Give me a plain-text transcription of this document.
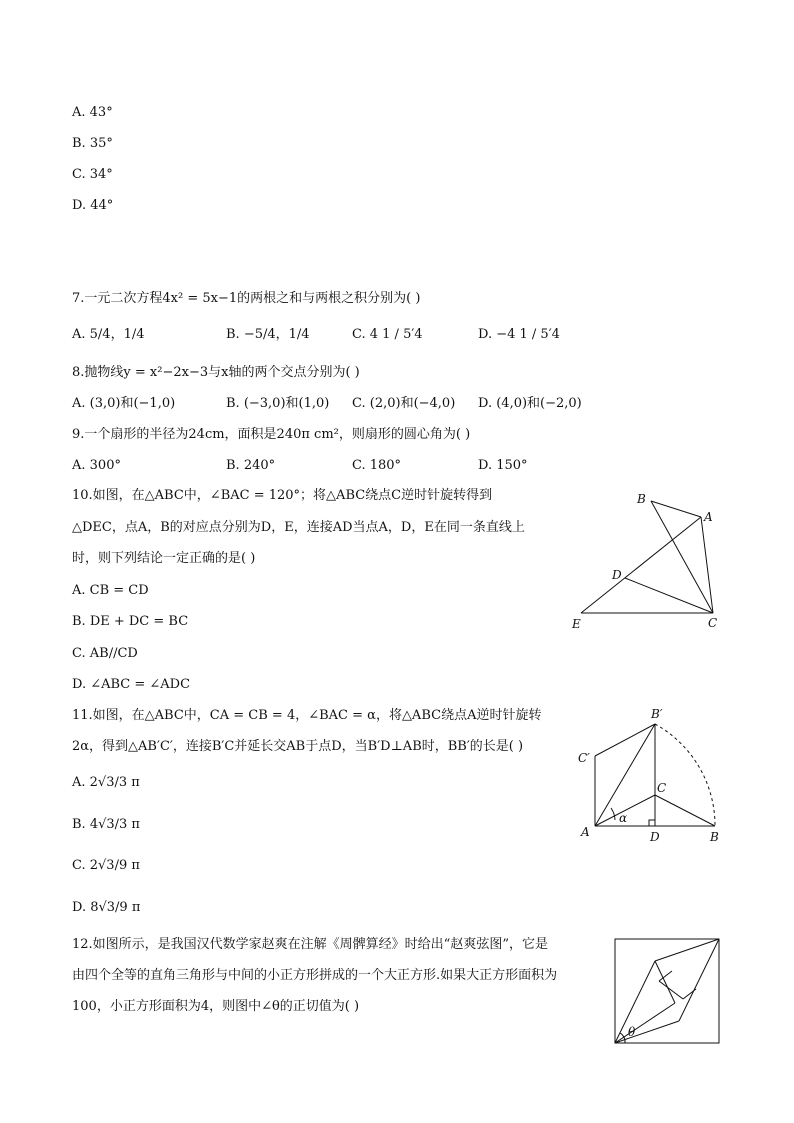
A. 43°
B. 35°
C. 34°
D. 44°
7.一元二次方程4x² = 5x−1的两根之和与两根之积分别为( )
A. 5/4，1/4	B. −5/4，1/4	C. 4 1 / 5′4	D. −4 1 / 5′4
8.抛物线y = x²−2x−3与x轴的两个交点分别为( )
A. (3,0)和(−1,0)	B. (−3,0)和(1,0) C. (2,0)和(−4,0) D. (4,0)和(−2,0)
9.一个扇形的半径为24cm，面积是240π cm²，则扇形的圆心角为( )
A. 300°	B. 240°	C. 180°	D. 150°
10.如图，在△ABC中，∠BAC = 120°；将△ABC绕点C逆时针旋转得到
△DEC，点A，B的对应点分别为D，E，连接AD当点A，D，E在同一条直线上
时，则下列结论一定正确的是( )
A. CB = CD
B. DE + DC = BC
C. AB//CD
D. ∠ABC = ∠ADC
B
A
D
E	C
11.如图，在△ABC中，CA = CB = 4，∠BAC = α，将△ABC绕点A逆时针旋转
2α，得到△AB′C′，连接B′C并延长交AB于点D，当B′D⊥AB时，BB′的长是( )
A. 2√3/3 π
B. 4√3/3 π
C. 2√3/9 π
D. 8√3/9 π
B′
C′
C
α
A	D	B
12.如图所示，是我国汉代数学家赵爽在注解《周髀算经》时给出“赵爽弦图”，它是
由四个全等的直角三角形与中间的小正方形拼成的一个大正方形.如果大正方形面积为
100，小正方形面积为4，则图中∠θ的正切值为( )
θ
